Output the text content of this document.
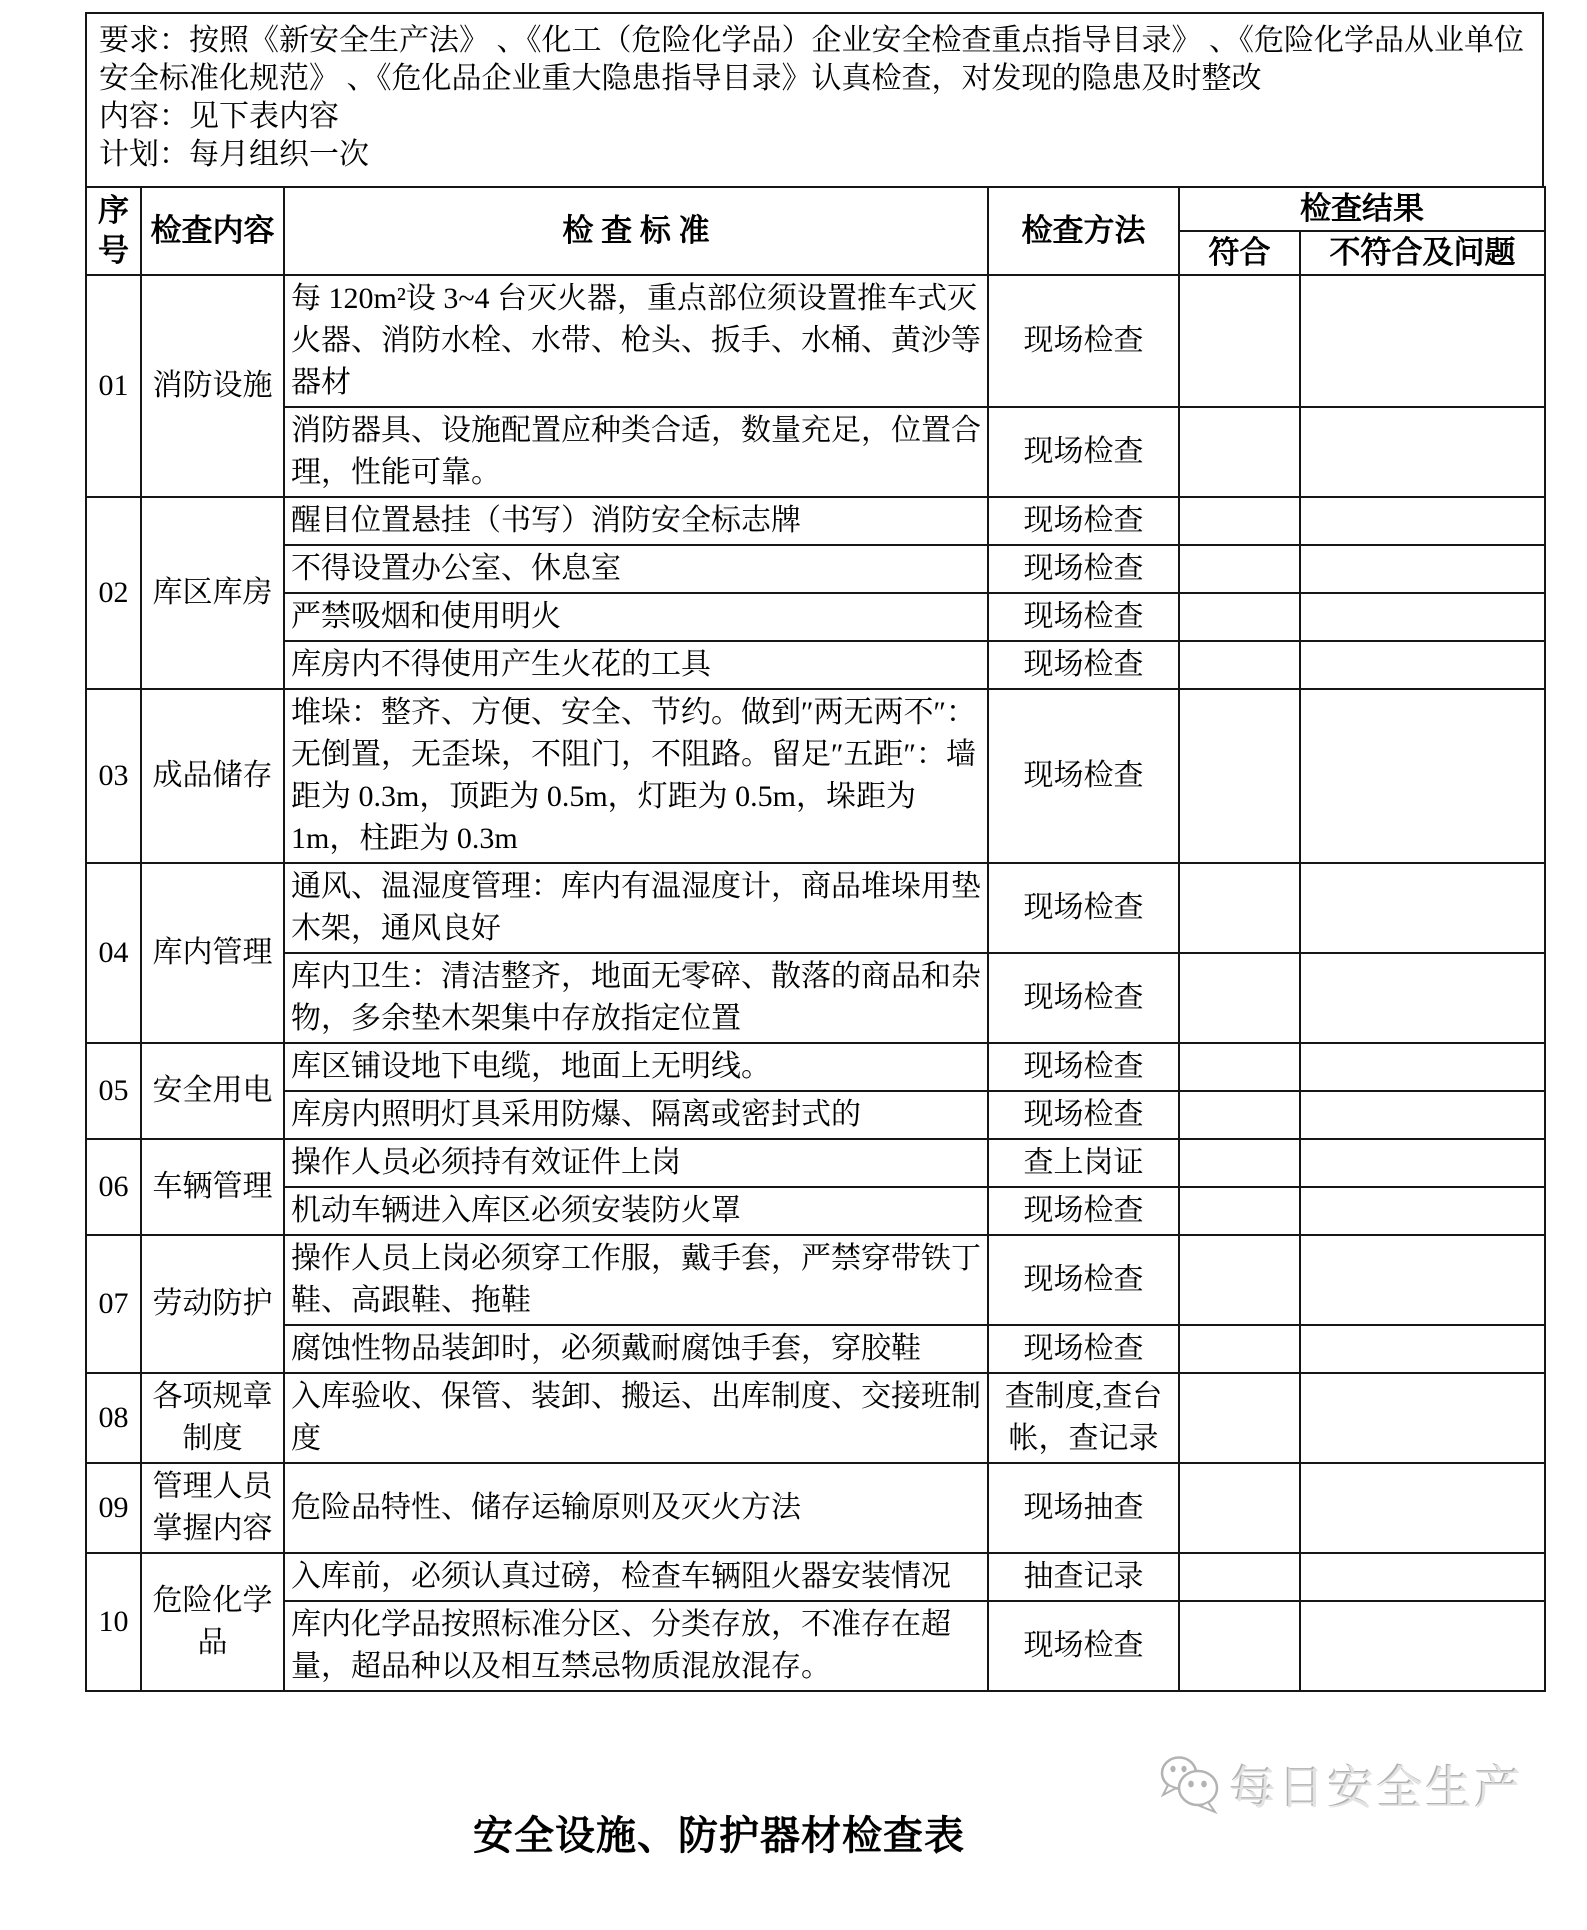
要求：按照《新安全生产法》 、《化工（危险化学品）企业安全检查重点指导目录》 、《危险化学品从业单位安全标准化规范》 、《危化品企业重大隐患指导目录》认真检查，对发现的隐患及时整改

内容：见下表内容

计划：每月组织一次

序号	检查内容	检 查 标 准	检查方法	检查结果	
				符合	不符合及问题
01	消防设施	每 120m²设 3~4 台灭火器，重点部位须设置推车式灭火器、消防水栓、水带、枪头、扳手、水桶、黄沙等器材	现场检查		
		消防器具、设施配置应种类合适，数量充足，位置合理，性能可靠。	现场检查		
02	库区库房	醒目位置悬挂（书写）消防安全标志牌	现场检查		
		不得设置办公室、休息室	现场检查		
		严禁吸烟和使用明火	现场检查		
		库房内不得使用产生火花的工具	现场检查		
03	成品储存	堆垛：整齐、方便、安全、节约。做到″两无两不″：无倒置，无歪垛，不阻门，不阻路。留足″五距″：墙距为 0.3m，顶距为 0.5m，灯距为 0.5m，垛距为 1m，柱距为 0.3m	现场检查		
04	库内管理	通风、温湿度管理：库内有温湿度计，商品堆垛用垫木架，通风良好	现场检查		
		库内卫生：清洁整齐，地面无零碎、散落的商品和杂物，多余垫木架集中存放指定位置	现场检查		
05	安全用电	库区铺设地下电缆，地面上无明线。	现场检查		
		库房内照明灯具采用防爆、隔离或密封式的	现场检查		
06	车辆管理	操作人员必须持有效证件上岗	查上岗证		
		机动车辆进入库区必须安装防火罩	现场检查		
07	劳动防护	操作人员上岗必须穿工作服，戴手套，严禁穿带铁丁鞋、高跟鞋、拖鞋	现场检查		
		腐蚀性物品装卸时，必须戴耐腐蚀手套，穿胶鞋	现场检查		
08	各项规章制度	入库验收、保管、装卸、搬运、出库制度、交接班制度	查制度,查台帐，查记录		
09	管理人员掌握内容	危险品特性、储存运输原则及灭火方法	现场抽查		
10	危险化学品	入库前，必须认真过磅，检查车辆阻火器安装情况	抽查记录		
		库内化学品按照标准分区、分类存放，不准存在超量，超品种以及相互禁忌物质混放混存。	现场检查		
每日安全生产
安全设施、防护器材检查表
